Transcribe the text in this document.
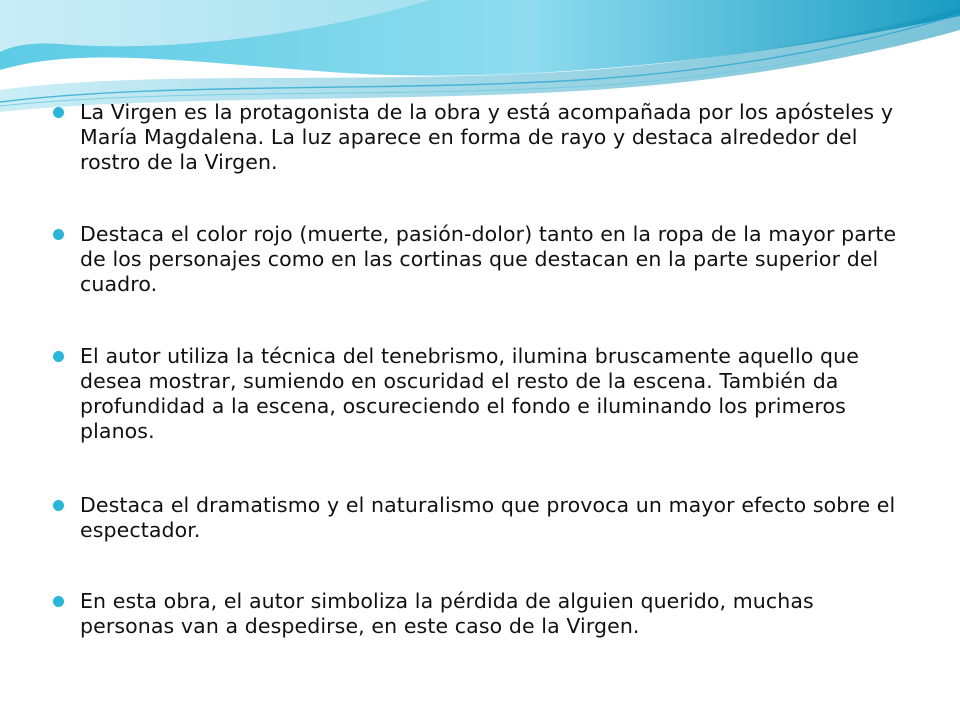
La Virgen es la protagonista de la obra y está acompañada por los apósteles y María Magdalena. La luz aparece en forma de rayo y destaca alrededor del rostro de la Virgen.

Destaca el color rojo (muerte, pasión-dolor) tanto en la ropa de la mayor parte de los personajes como en las cortinas que destacan en la parte superior del cuadro.

El autor utiliza la técnica del tenebrismo, ilumina bruscamente aquello que desea mostrar, sumiendo en oscuridad el resto de la escena. También da profundidad a la escena, oscureciendo el fondo e iluminando los primeros planos.

Destaca el dramatismo y el naturalismo que provoca un mayor efecto sobre el espectador.

En esta obra, el autor simboliza la pérdida de alguien querido, muchas personas van a despedirse, en este caso de la Virgen.
